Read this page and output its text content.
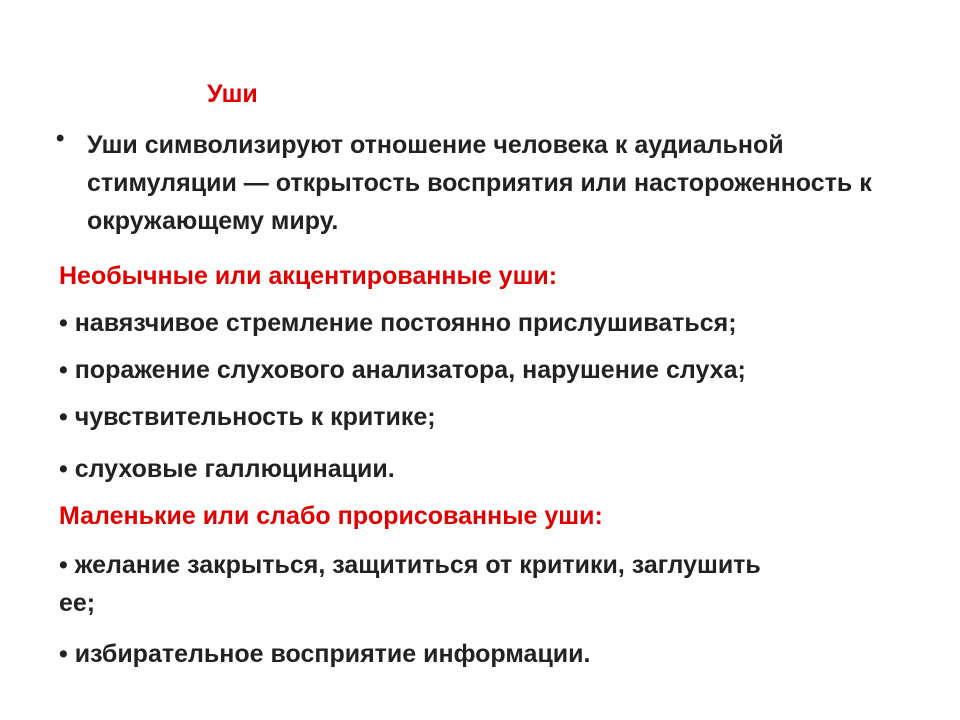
Уши
• Уши символизируют отношение человека к аудиальной стимуляции — открытость восприятия или настороженность к окружающему миру.
Необычные или акцентированные уши:
• навязчивое стремление постоянно прислушиваться;
• поражение слухового анализатора, нарушение слуха;
• чувствительность к критике;
• слуховые галлюцинации.
Маленькие или слабо прорисованные уши:
• желание закрыться, защититься от критики, заглушить ее;
• избирательное восприятие информации.
